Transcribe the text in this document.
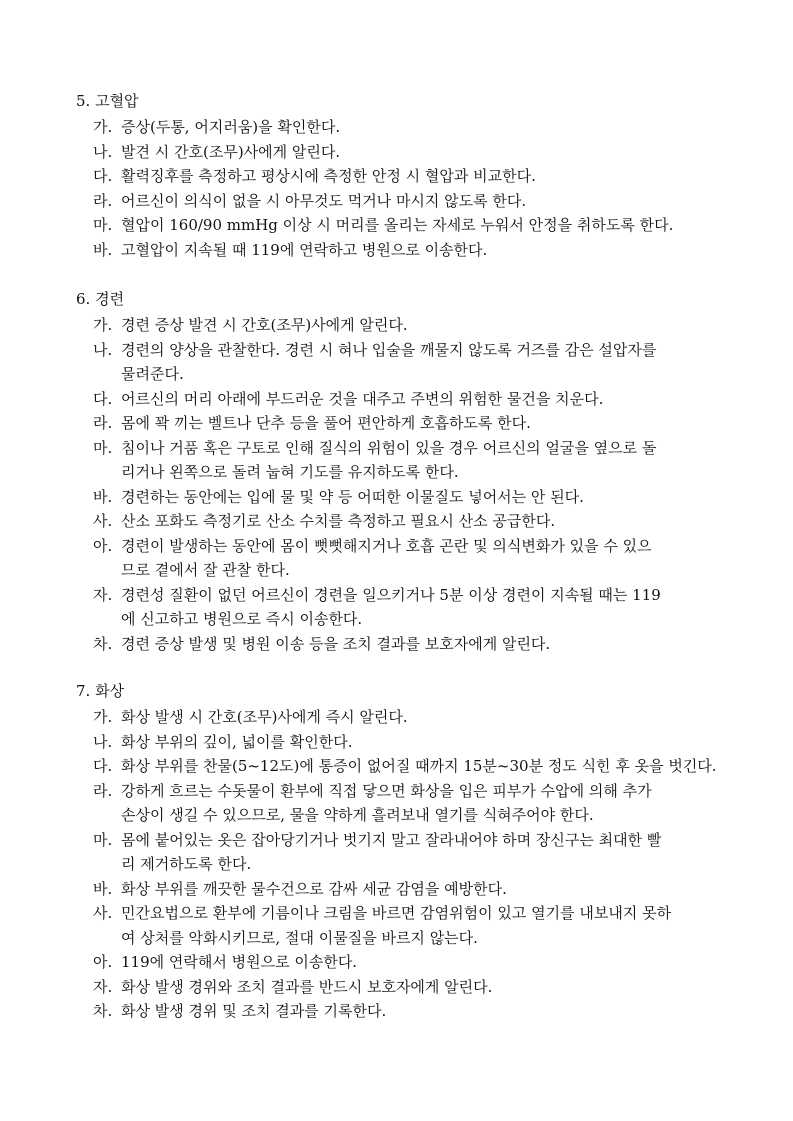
5. 고혈압
가. 증상(두통, 어지러움)을 확인한다.
나. 발견 시 간호(조무)사에게 알린다.
다. 활력징후를 측정하고 평상시에 측정한 안정 시 혈압과 비교한다.
라. 어르신이 의식이 없을 시 아무것도 먹거나 마시지 않도록 한다.
마. 혈압이 160/90 mmHg 이상 시 머리를 올리는 자세로 누워서 안정을 취하도록 한다.
바. 고혈압이 지속될 때 119에 연락하고 병원으로 이송한다.
6. 경련
가. 경련 증상 발견 시 간호(조무)사에게 알린다.
나. 경련의 양상을 관찰한다. 경련 시 혀나 입술을 깨물지 않도록 거즈를 감은 설압자를
물려준다.
다. 어르신의 머리 아래에 부드러운 것을 대주고 주변의 위험한 물건을 치운다.
라. 몸에 꽉 끼는 벨트나 단추 등을 풀어 편안하게 호흡하도록 한다.
마. 침이나 거품 혹은 구토로 인해 질식의 위험이 있을 경우 어르신의 얼굴을 옆으로 돌
리거나 왼쪽으로 돌려 눕혀 기도를 유지하도록 한다.
바. 경련하는 동안에는 입에 물 및 약 등 어떠한 이물질도 넣어서는 안 된다.
사. 산소 포화도 측정기로 산소 수치를 측정하고 필요시 산소 공급한다.
아. 경련이 발생하는 동안에 몸이 뻣뻣해지거나 호흡 곤란 및 의식변화가 있을 수 있으
므로 곁에서 잘 관찰 한다.
자. 경련성 질환이 없던 어르신이 경련을 일으키거나 5분 이상 경련이 지속될 때는 119
에 신고하고 병원으로 즉시 이송한다.
차. 경련 증상 발생 및 병원 이송 등을 조치 결과를 보호자에게 알린다.
7. 화상
가. 화상 발생 시 간호(조무)사에게 즉시 알린다.
나. 화상 부위의 깊이, 넓이를 확인한다.
다. 화상 부위를 찬물(5~12도)에 통증이 없어질 때까지 15분~30분 정도 식힌 후 옷을 벗긴다.
라. 강하게 흐르는 수돗물이 환부에 직접 닿으면 화상을 입은 피부가 수압에 의해 추가
손상이 생길 수 있으므로, 물을 약하게 흘려보내 열기를 식혀주어야 한다.
마. 몸에 붙어있는 옷은 잡아당기거나 벗기지 말고 잘라내어야 하며 장신구는 최대한 빨
리 제거하도록 한다.
바. 화상 부위를 깨끗한 물수건으로 감싸 세균 감염을 예방한다.
사. 민간요법으로 환부에 기름이나 크림을 바르면 감염위험이 있고 열기를 내보내지 못하
여 상처를 악화시키므로, 절대 이물질을 바르지 않는다.
아. 119에 연락해서 병원으로 이송한다.
자. 화상 발생 경위와 조치 결과를 반드시 보호자에게 알린다.
차. 화상 발생 경위 및 조치 결과를 기록한다.
